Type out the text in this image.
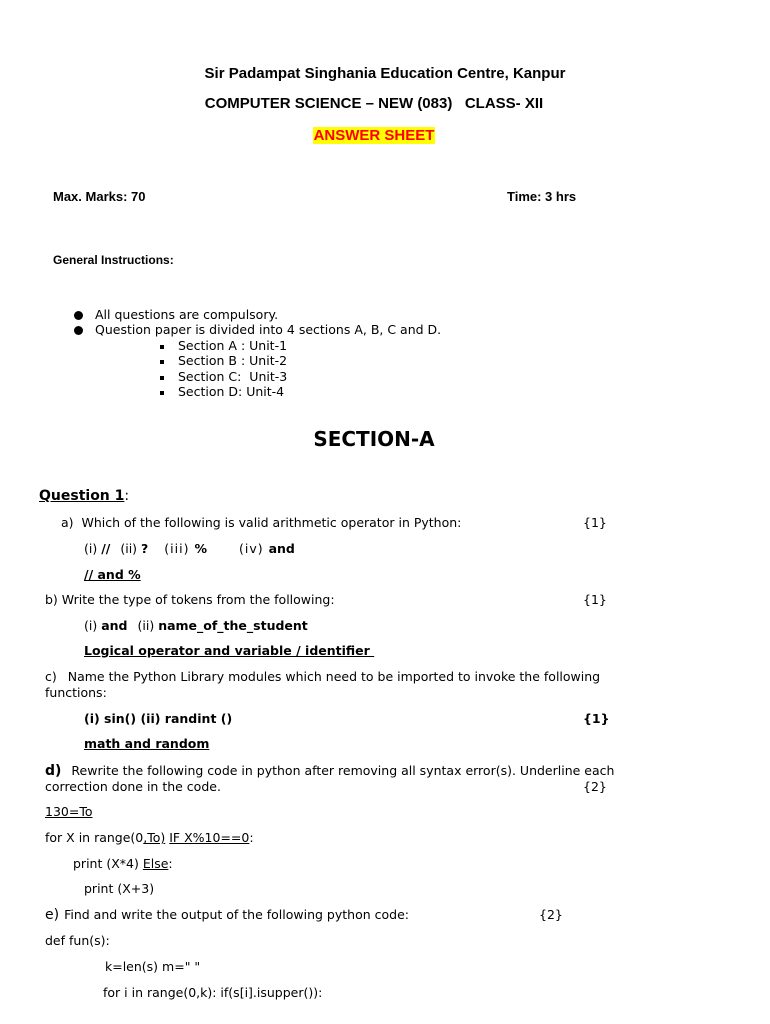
Sir Padampat Singhania Education Centre, Kanpur
COMPUTER SCIENCE – NEW (083)   CLASS- XII
ANSWER SHEET
Max. Marks: 70	Time: 3 hrs
General Instructions:
All questions are compulsory.
Question paper is divided into 4 sections A, B, C and D.
Section A : Unit-1
Section B : Unit-2
Section C:  Unit-3
Section D: Unit-4
SECTION-A
Question 1:
a)  Which of the following is valid arithmetic operator in Python:	{1}
(i) // (ii) ? (iii) %	(iv) and
// and %
b) Write the type of tokens from the following:	{1}
(i) and (ii) name_of_the_student
Logical operator and variable / identifier
c) Name the Python Library modules which need to be imported to invoke the following
functions:
(i) sin() (ii) randint ()	{1}
math and random
d) Rewrite the following code in python after removing all syntax error(s). Underline each
correction done in the code.	{2}
130=To
for X in range(0,To) IF X%10==0:
print (X*4) Else:
print (X+3)
e) Find and write the output of the following python code:	{2}
def fun(s):
k=len(s) m=" "
for i in range(0,k): if(s[i].isupper()):
